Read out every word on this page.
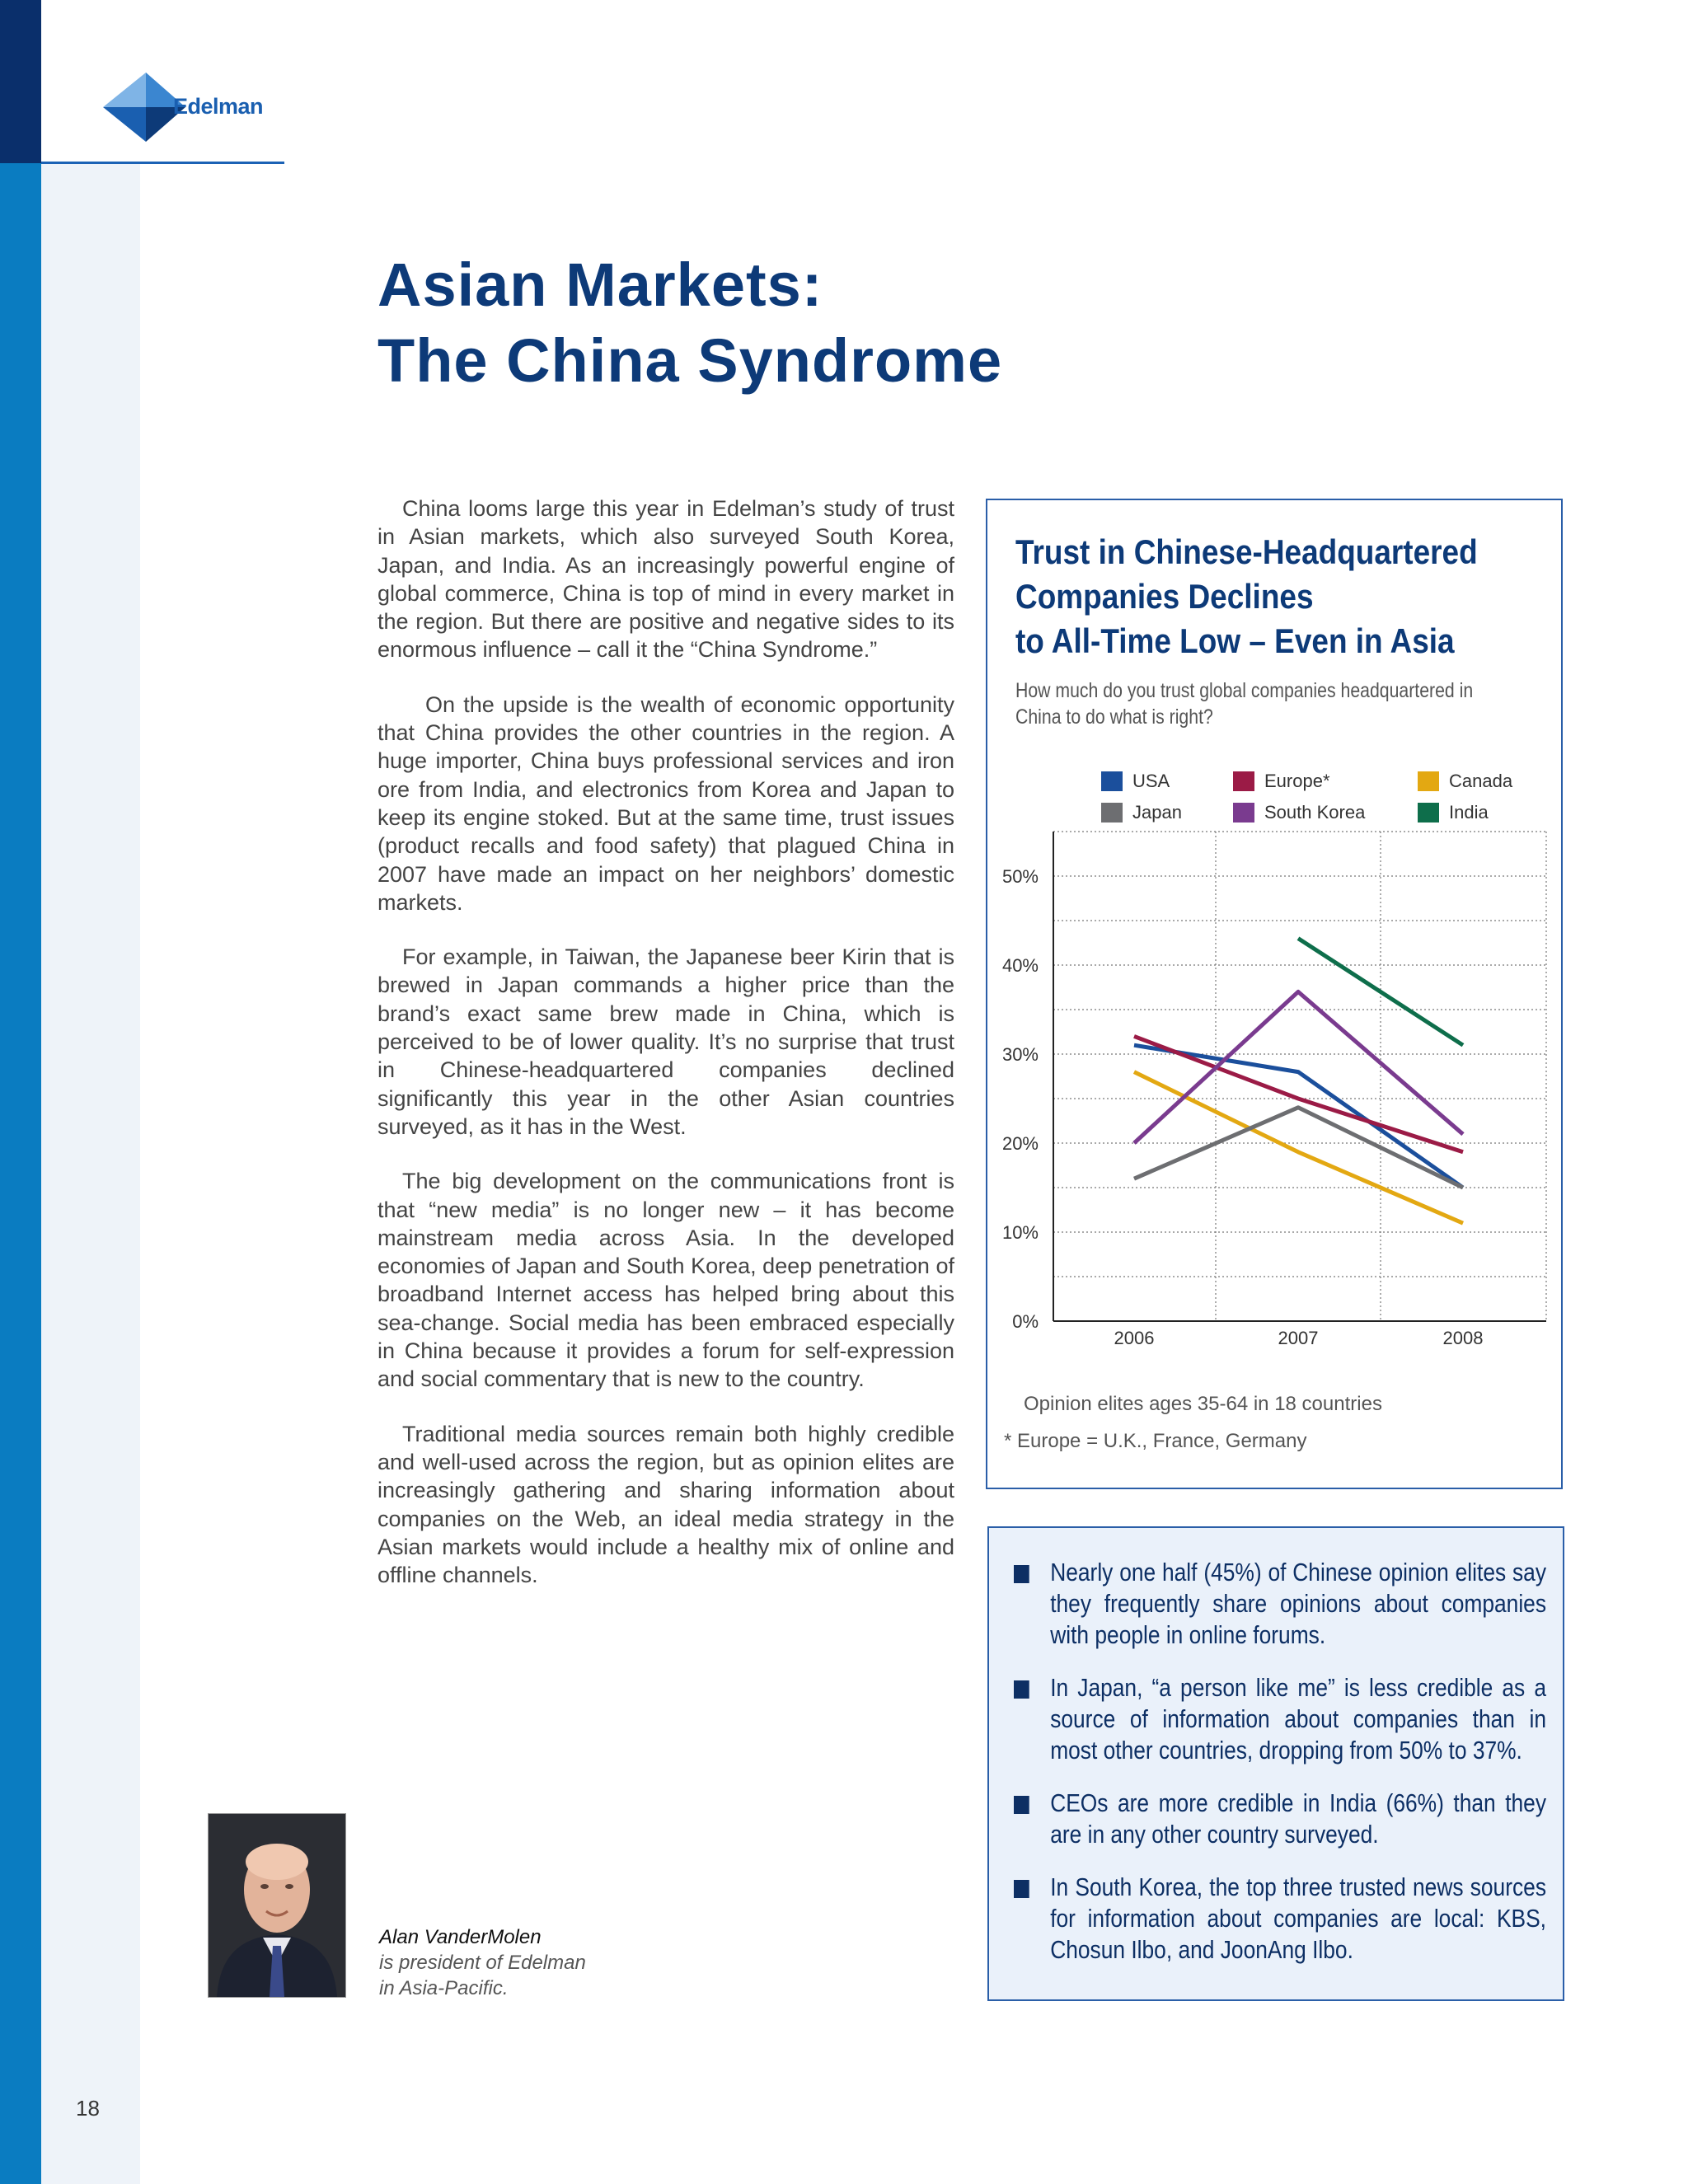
Edelman
Asian Markets:
The China Syndrome

China looms large this year in Edelman’s study of trust in Asian markets, which also surveyed South Korea, Japan, and India. As an increasingly powerful engine of global commerce, China is top of mind in every market in the region. But there are positive and negative sides to its enormous influence – call it the “China Syndrome.”

On the upside is the wealth of economic opportunity that China provides the other countries in the region. A huge importer, China buys professional services and iron ore from India, and electronics from Korea and Japan to keep its engine stoked. But at the same time, trust issues (product recalls and food safety) that plagued China in 2007 have made an impact on her neighbors’ domestic markets.

For example, in Taiwan, the Japanese beer Kirin that is brewed in Japan commands a higher price than the brand’s exact same brew made in China, which is perceived to be of lower quality. It’s no surprise that trust in Chinese-headquartered companies declined significantly this year in the other Asian countries surveyed, as it has in the West.

The big development on the communications front is that “new media” is no longer new – it has become mainstream media across Asia. In the developed economies of Japan and South Korea, deep penetration of broadband Internet access has helped bring about this sea-change. Social media has been embraced especially in China because it provides a forum for self-expression and social commentary that is new to the country.

Traditional media sources remain both highly credible and well-used across the region, but as opinion elites are increasingly gathering and sharing information about companies on the Web, an ideal media strategy in the Asian markets would include a healthy mix of online and offline channels.

Trust in Chinese-Headquartered
Companies Declines
to All-Time Low – Even in Asia
How much do you trust global companies headquartered in China to do what is right?
USA	Europe*	Canada
Japan	South Korea	India
0%
10%
20%
30%
40%
50%
2006	2007	2008
Opinion elites ages 35-64 in 18 countries
* Europe = U.K., France, Germany
Nearly one half (45%) of Chinese opinion elites say they frequently share opinions about companies with people in online forums.
In Japan, “a person like me” is less credible as a source of information about companies than in most other countries, dropping from 50% to 37%.
CEOs are more credible in India (66%) than they are in any other country surveyed.
In South Korea, the top three trusted news sources for information about companies are local: KBS, Chosun Ilbo, and JoonAng Ilbo.
Alan VanderMolen
is president of Edelman
in Asia-Pacific.
18
